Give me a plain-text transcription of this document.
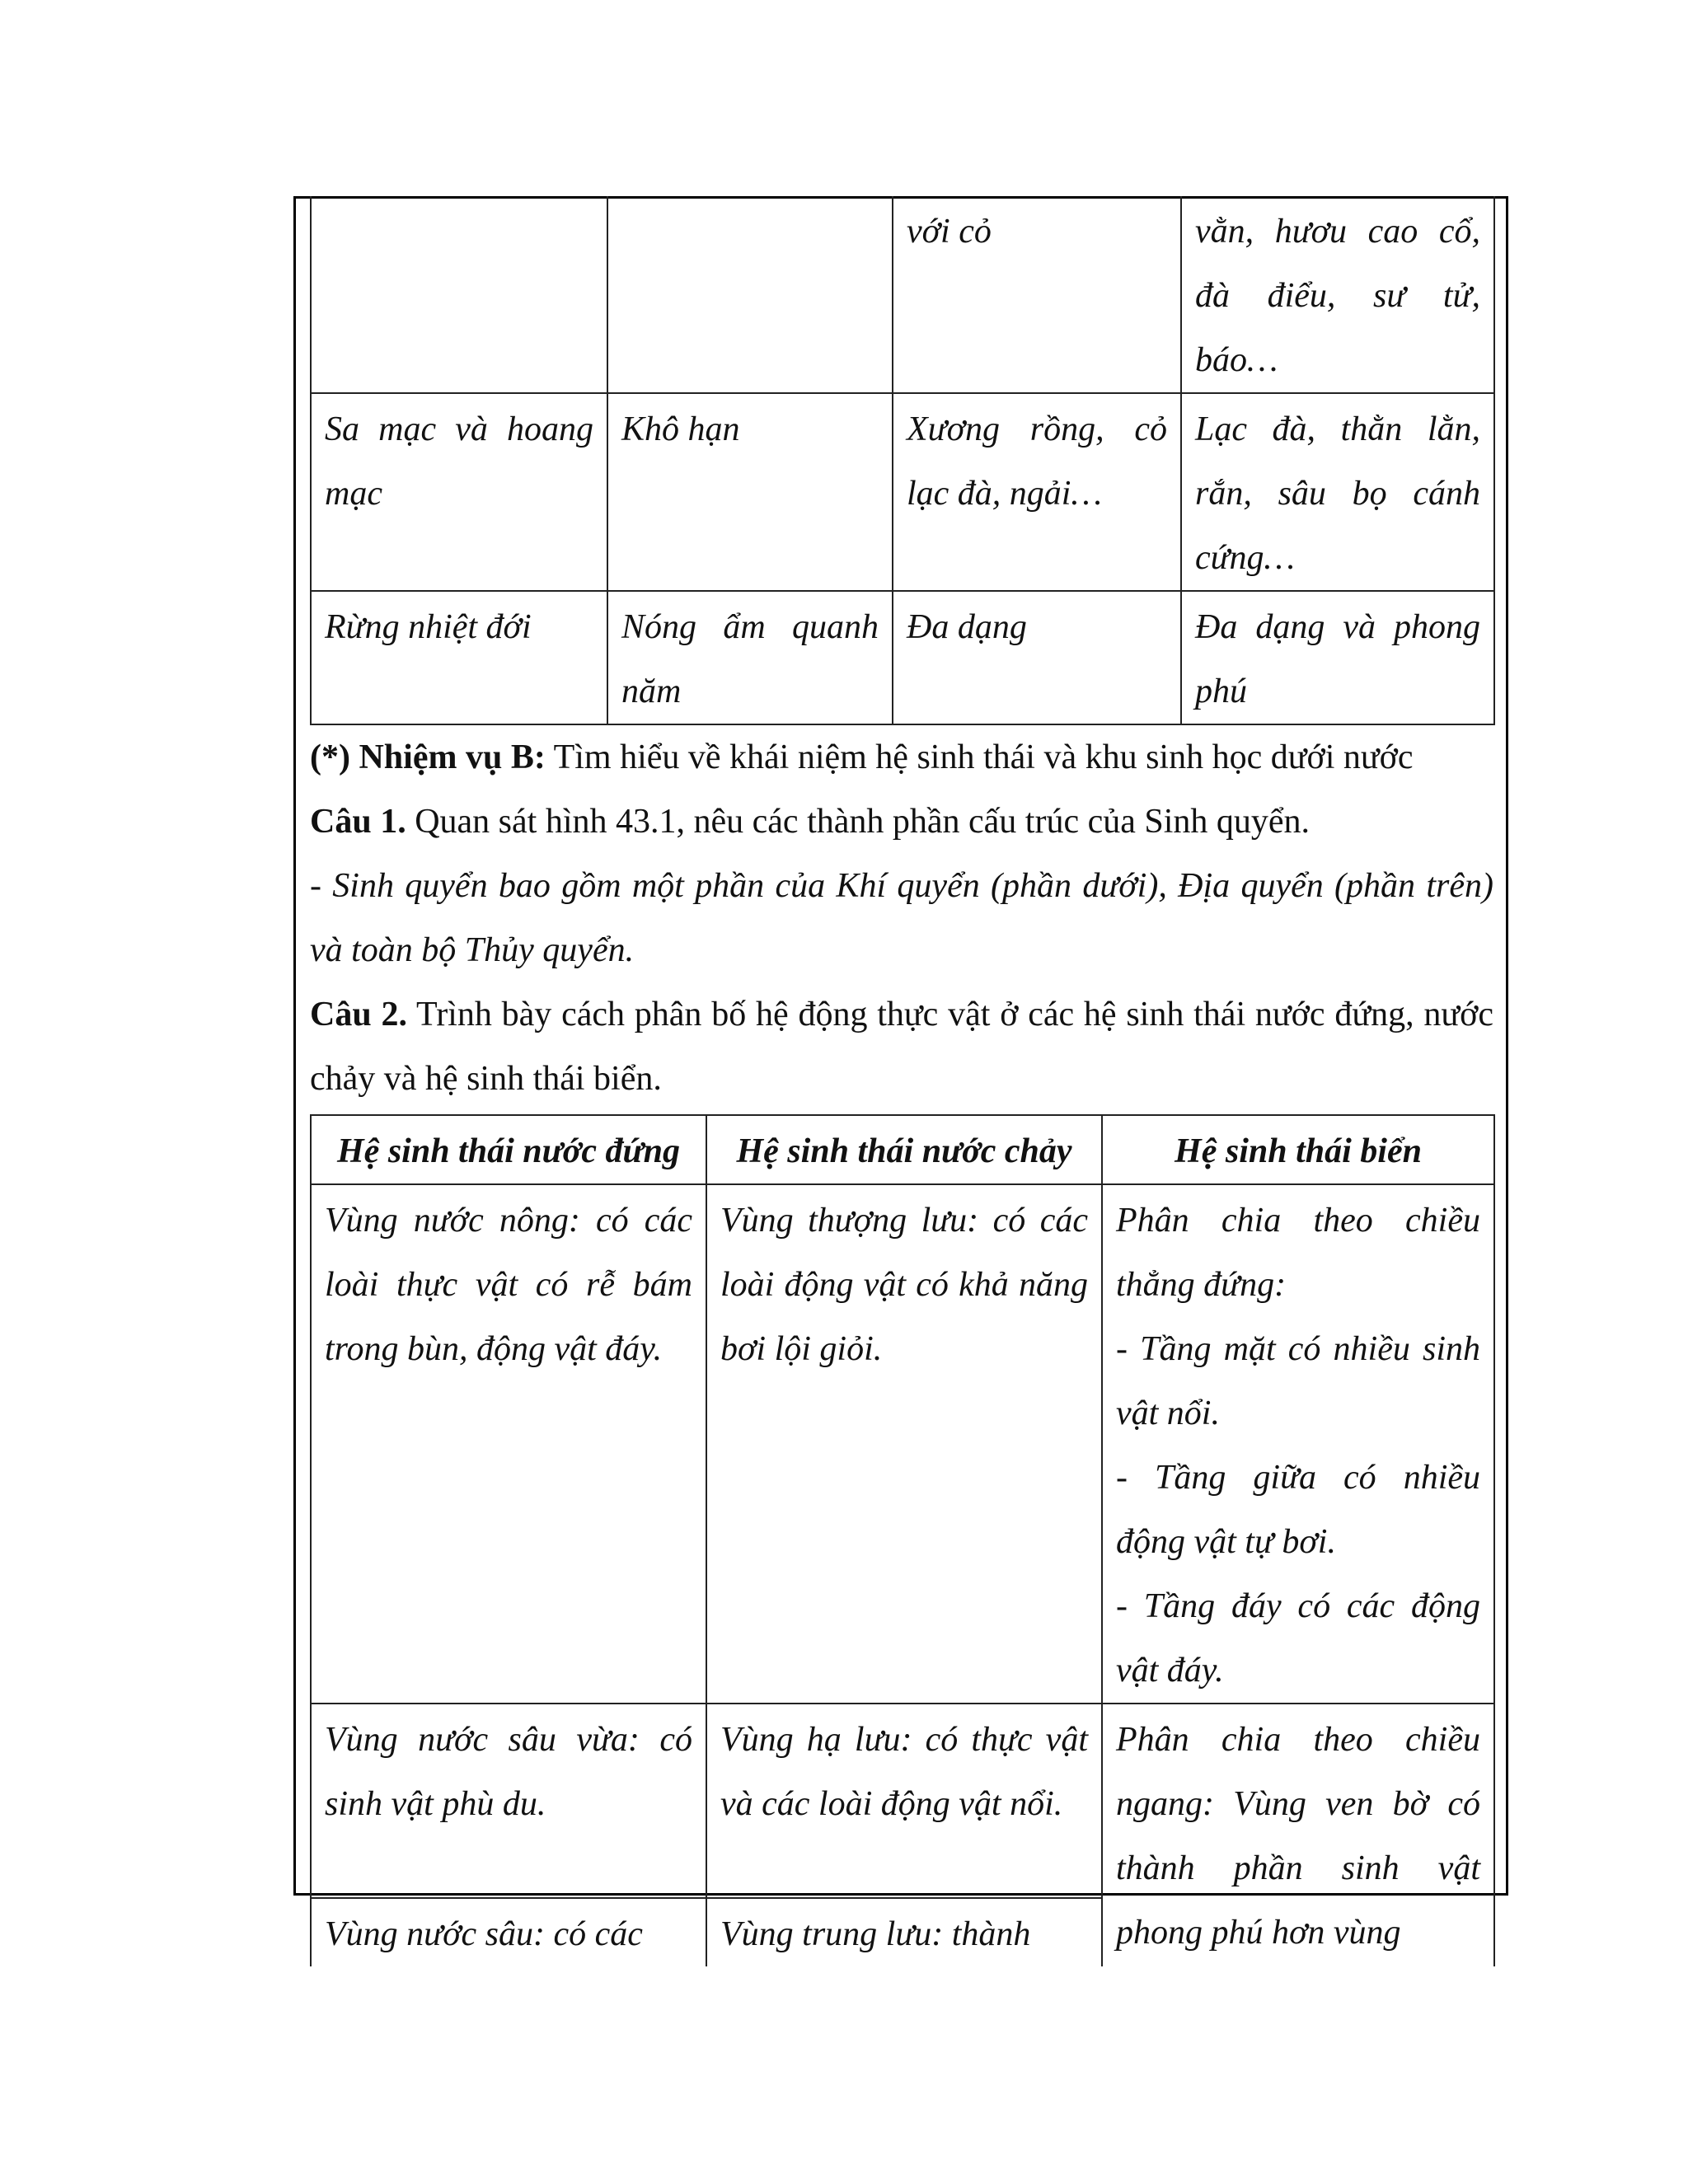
		với cỏ	vằn, hươu cao cổ, đà điểu, sư tử, báo…
Sa mạc và hoang mạc	Khô hạn	Xương rồng, cỏ lạc đà, ngải…	Lạc đà, thằn lằn, rắn, sâu bọ cánh cứng…
Rừng nhiệt đới	Nóng ẩm quanh năm	Đa dạng	Đa dạng và phong phú

(*) Nhiệm vụ B: Tìm hiểu về khái niệm hệ sinh thái và khu sinh học dưới nước

Câu 1. Quan sát hình 43.1, nêu các thành phần cấu trúc của Sinh quyển.

- Sinh quyển bao gồm một phần của Khí quyển (phần dưới), Địa quyển (phần trên) và toàn bộ Thủy quyển.

Câu 2. Trình bày cách phân bố hệ động thực vật ở các hệ sinh thái nước đứng, nước chảy và hệ sinh thái biển.

Hệ sinh thái nước đứng	Hệ sinh thái nước chảy	Hệ sinh thái biển
Vùng nước nông: có các loài thực vật có rễ bám trong bùn, động vật đáy.	Vùng thượng lưu: có các loài động vật có khả năng bơi lội giỏi.	Phân chia theo chiều thẳng đứng:
- Tầng mặt có nhiều sinh vật nổi.
- Tầng giữa có nhiều động vật tự bơi.
- Tầng đáy có các động vật đáy.

Vùng nước sâu vừa: có sinh vật phù du.	Vùng hạ lưu: có thực vật và các loài động vật nổi.	Phân chia theo chiều ngang: Vùng ven bờ có thành phần sinh vật phong phú hơn vùng
Vùng nước sâu: có các	Vùng trung lưu: thành	
